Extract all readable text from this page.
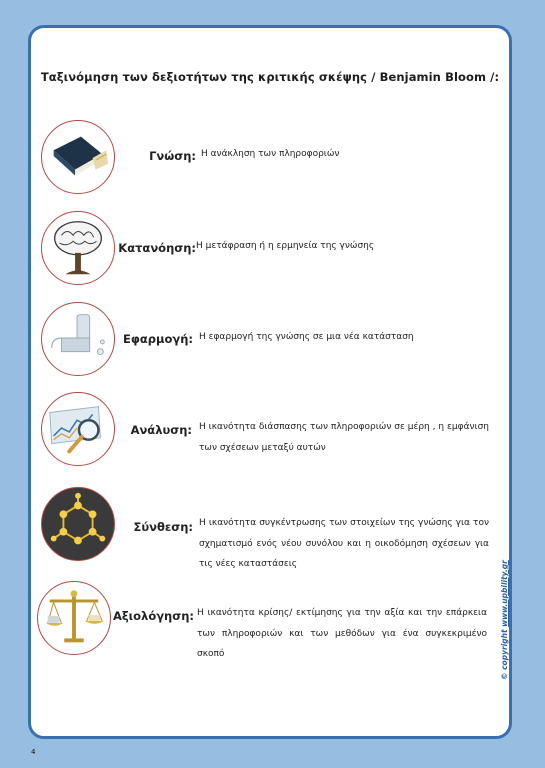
Ταξινόμηση των δεξιοτήτων της κριτικής σκέψης / Benjamin Bloom /:
Γνώση: Η ανάκληση των πληροφοριών
Κατανόηση: Η μετάφραση ή η ερμηνεία της γνώσης
Εφαρμογή: Η εφαρμογή της γνώσης σε μια νέα κατάσταση
Ανάλυση: Η ικανότητα διάσπασης των πληροφοριών σε μέρη , η εμφάνιση των σχέσεων μεταξύ αυτών
Σύνθεση: Η ικανότητα συγκέντρωσης των στοιχείων της γνώσης για τον σχηματισμό ενός νέου συνόλου και η οικοδόμηση σχέσεων για τις νέες καταστάσεις
Αξιολόγηση: Η ικανότητα κρίσης/ εκτίμησης για την αξία και την επάρκεια των πληροφοριών και των μεθόδων για ένα συγκεκριμένο σκοπό	© copyright www.upbility.gr
4
